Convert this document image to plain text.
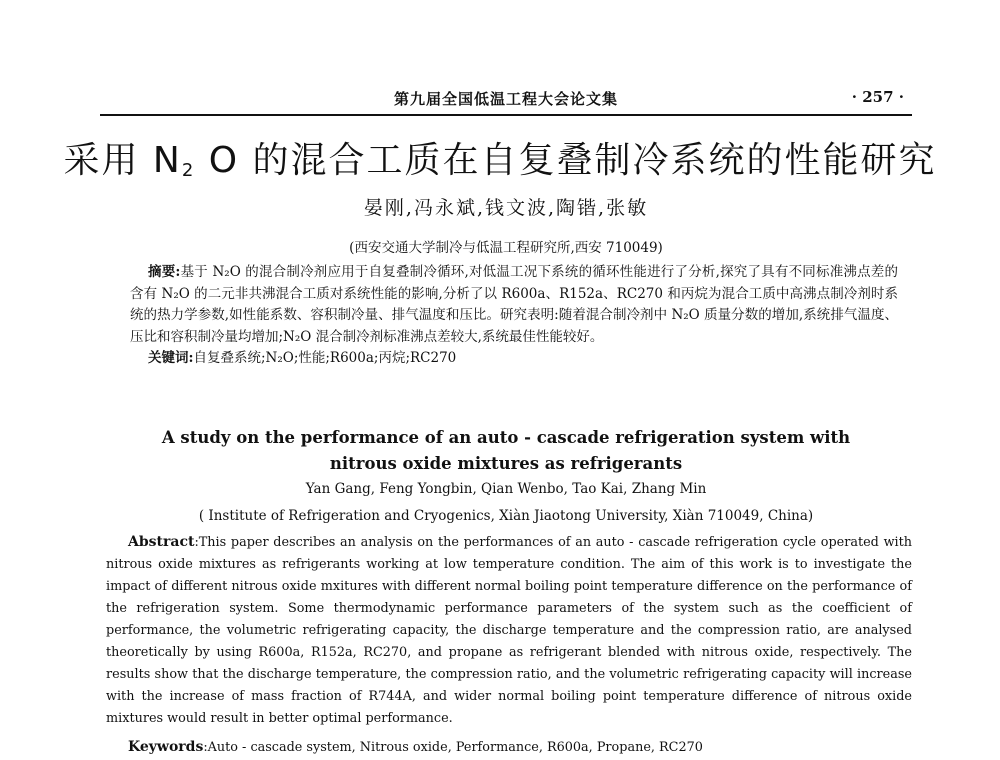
第九届全国低温工程大会论文集	· 257 ·
采用 $N_2$ O 的混合工质在自复叠制冷系统的性能研究
晏刚,冯永斌,钱文波,陶锴,张敏
(西安交通大学制冷与低温工程研究所,西安 710049)
摘要:基于 N₂O 的混合制冷剂应用于自复叠制冷循环,对低温工况下系统的循环性能进行了分析,探究了具有不同标准沸点差的含有 N₂O 的二元非共沸混合工质对系统性能的影响,分析了以 R600a、R152a、RC270 和丙烷为混合工质中高沸点制冷剂时系统的热力学参数,如性能系数、容积制冷量、排气温度和压比。研究表明:随着混合制冷剂中 N₂O 质量分数的增加,系统排气温度、压比和容积制冷量均增加;N₂O 混合制冷剂标准沸点差较大,系统最佳性能较好。
关键词:自复叠系统;N₂O;性能;R600a;丙烷;RC270
A study on the performance of an auto - cascade refrigeration system with
nitrous oxide mixtures as refrigerants
Yan Gang, Feng Yongbin, Qian Wenbo, Tao Kai, Zhang Min
( Institute of Refrigeration and Cryogenics, Xiàn Jiaotong University, Xiàn 710049, China)
Abstract:This paper describes an analysis on the performances of an auto - cascade refrigeration cycle operated with nitrous oxide mixtures as refrigerants working at low temperature condition. The aim of this work is to investigate the impact of different nitrous oxide mxitures with different normal boiling point temperature difference on the performance of the refrigeration system. Some thermodynamic performance parameters of the system such as the coefficient of performance, the volumetric refrigerating capacity, the discharge temperature and the compression ratio, are analysed theoretically by using R600a, R152a, RC270, and propane as refrigerant blended with nitrous oxide, respectively. The results show that the discharge temperature, the compression ratio, and the volumetric refrigerating capacity will increase with the increase of mass fraction of R744A, and wider normal boiling point temperature difference of nitrous oxide mixtures would result in better optimal performance.
Keywords:Auto - cascade system, Nitrous oxide, Performance, R600a, Propane, RC270
